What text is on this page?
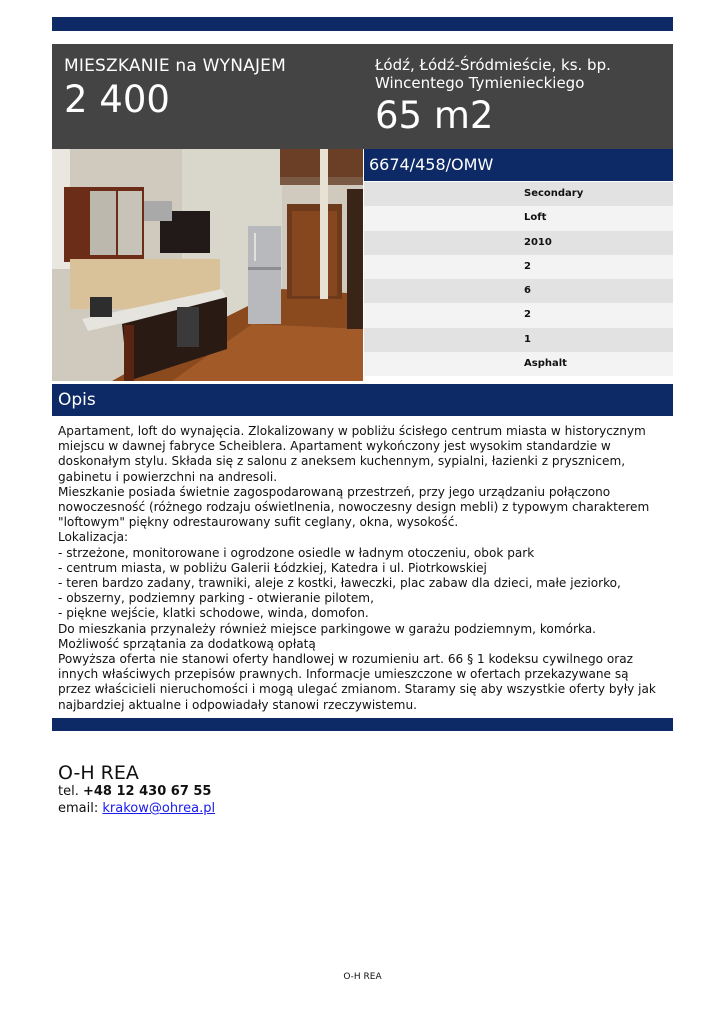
MIESZKANIE na WYNAJEM
2 400
Łódź, Łódź-Śródmieście, ks. bp. Wincentego Tymienieckiego
65 m2
6674/458/OMW
Secondary
Loft
2010
2
6
2
1
Asphalt
Opis
Apartament, loft do wynajęcia. Zlokalizowany w pobliżu ścisłego centrum miasta w historycznym
miejscu w dawnej fabryce Scheiblera. Apartament wykończony jest wysokim standardzie w
doskonałym stylu. Składa się z salonu z aneksem kuchennym, sypialni, łazienki z prysznicem,
gabinetu i powierzchni na andresoli.
Mieszkanie posiada świetnie zagospodarowaną przestrzeń, przy jego urządzaniu połączono
nowoczesność (różnego rodzaju oświetlnenia, nowoczesny design mebli) z typowym charakterem
"loftowym" piękny odrestaurowany sufit ceglany, okna, wysokość.
Lokalizacja:
- strzeżone, monitorowane i ogrodzone osiedle w ładnym otoczeniu, obok park
- centrum miasta, w pobliżu Galerii Łódzkiej, Katedra i ul. Piotrkowskiej
- teren bardzo zadany, trawniki, aleje z kostki, ławeczki, plac zabaw dla dzieci, małe jeziorko,
- obszerny, podziemny parking - otwieranie pilotem,
- piękne wejście, klatki schodowe, winda, domofon.
Do mieszkania przynależy również miejsce parkingowe w garażu podziemnym, komórka.
Możliwość sprzątania za dodatkową opłatą
Powyższa oferta nie stanowi oferty handlowej w rozumieniu art. 66 § 1 kodeksu cywilnego oraz
innych właściwych przepisów prawnych. Informacje umieszczone w ofertach przekazywane są
przez właścicieli nieruchomości i mogą ulegać zmianom. Staramy się aby wszystkie oferty były jak
najbardziej aktualne i odpowiadały stanowi rzeczywistemu.
O-H REA
tel. +48 12 430 67 55
email: krakow@ohrea.pl
O-H REA
